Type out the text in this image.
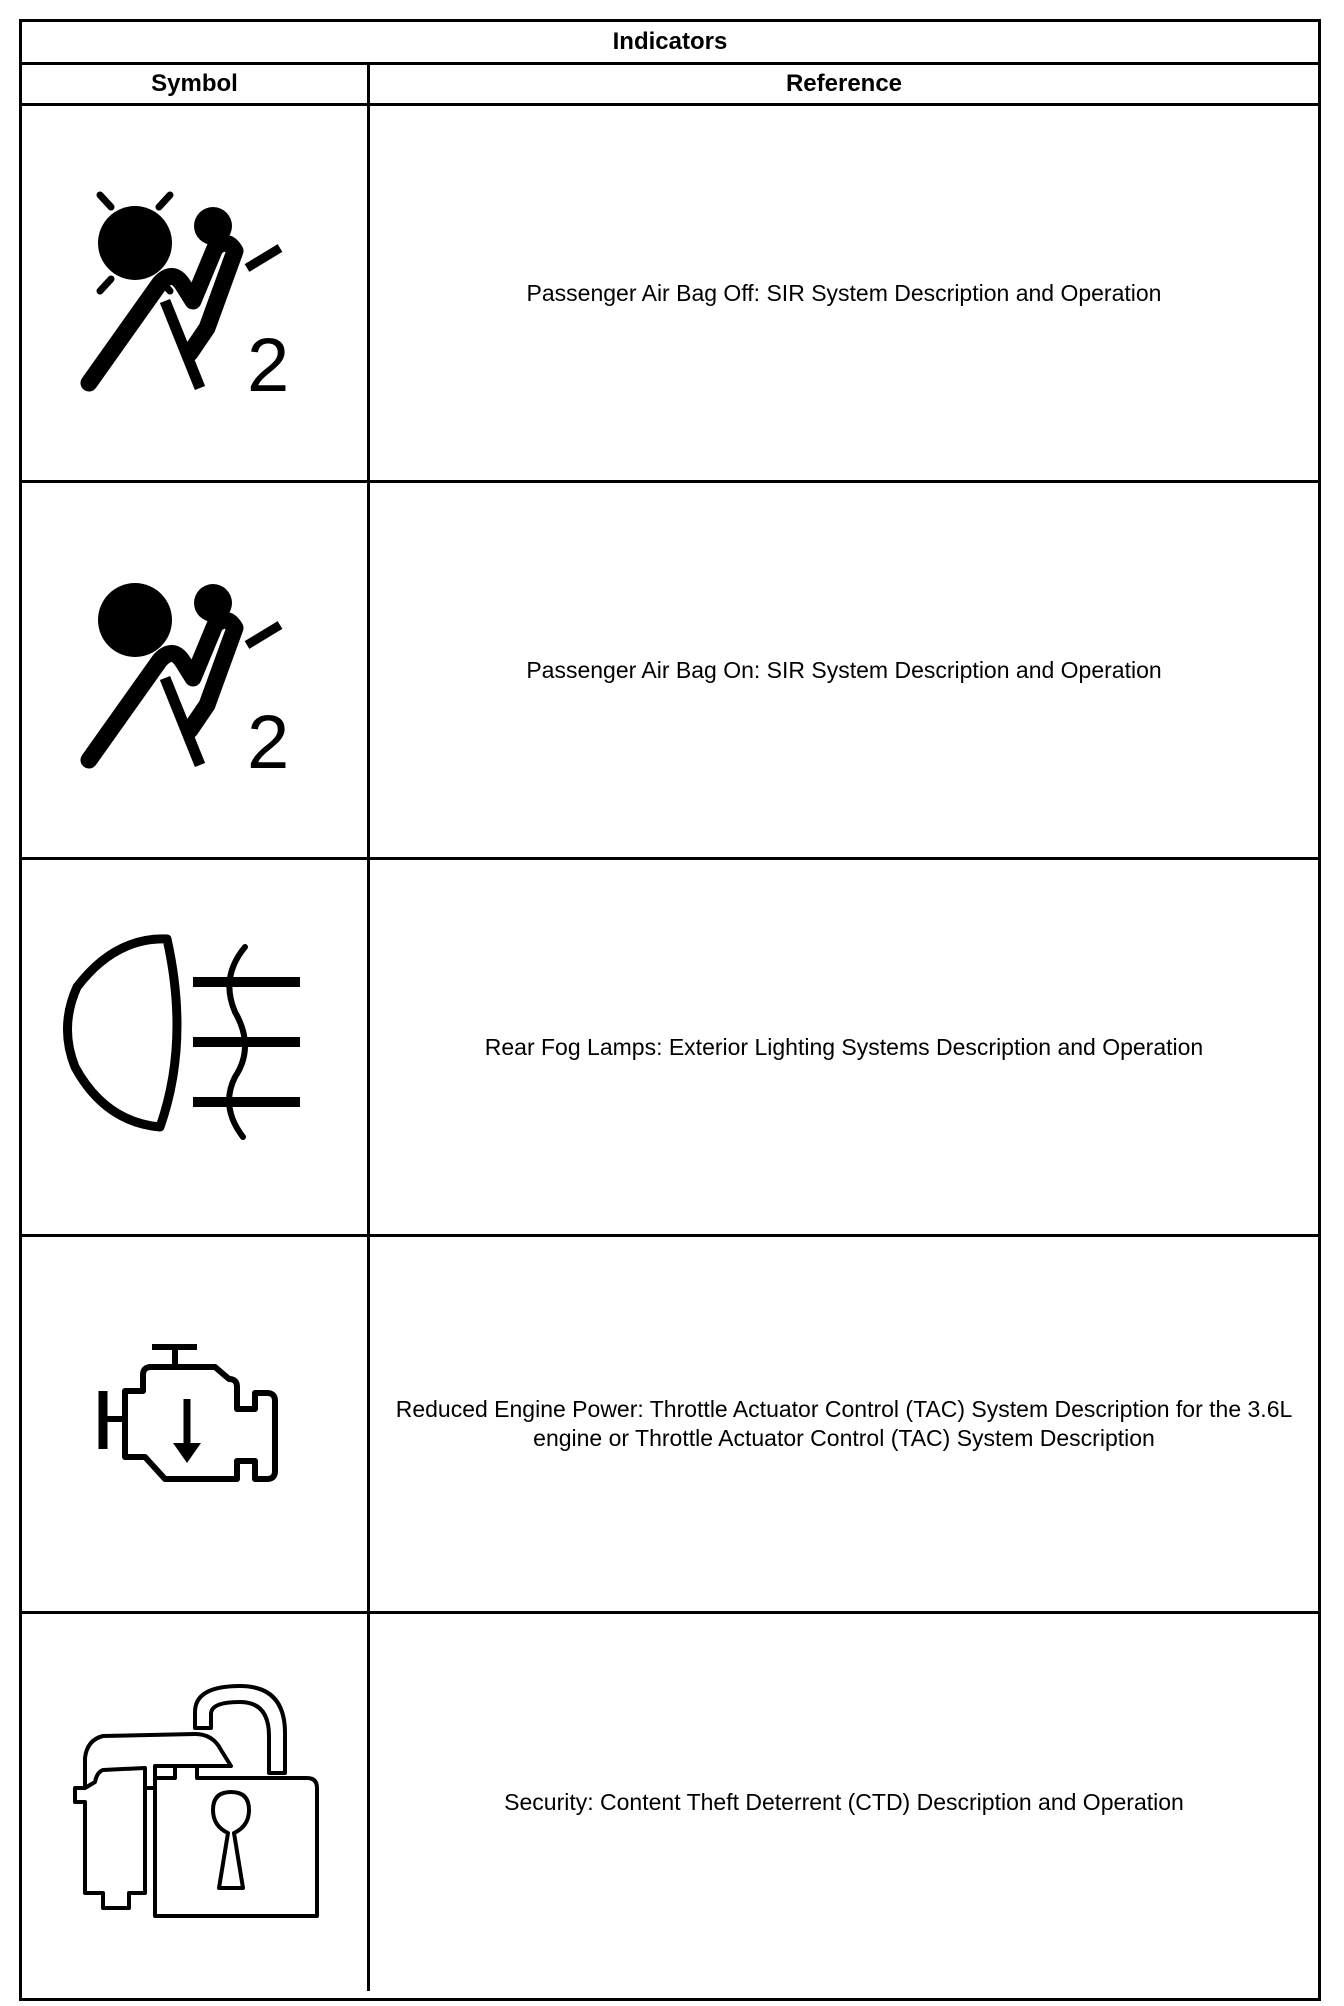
Indicators
Symbol	Reference
2
Passenger Air Bag Off: SIR System Description and Operation
2
Passenger Air Bag On: SIR System Description and Operation
Rear Fog Lamps: Exterior Lighting Systems Description and Operation
Reduced Engine Power: Throttle Actuator Control (TAC) System Description for the 3.6L engine or Throttle Actuator Control (TAC) System Description
Security: Content Theft Deterrent (CTD) Description and Operation
